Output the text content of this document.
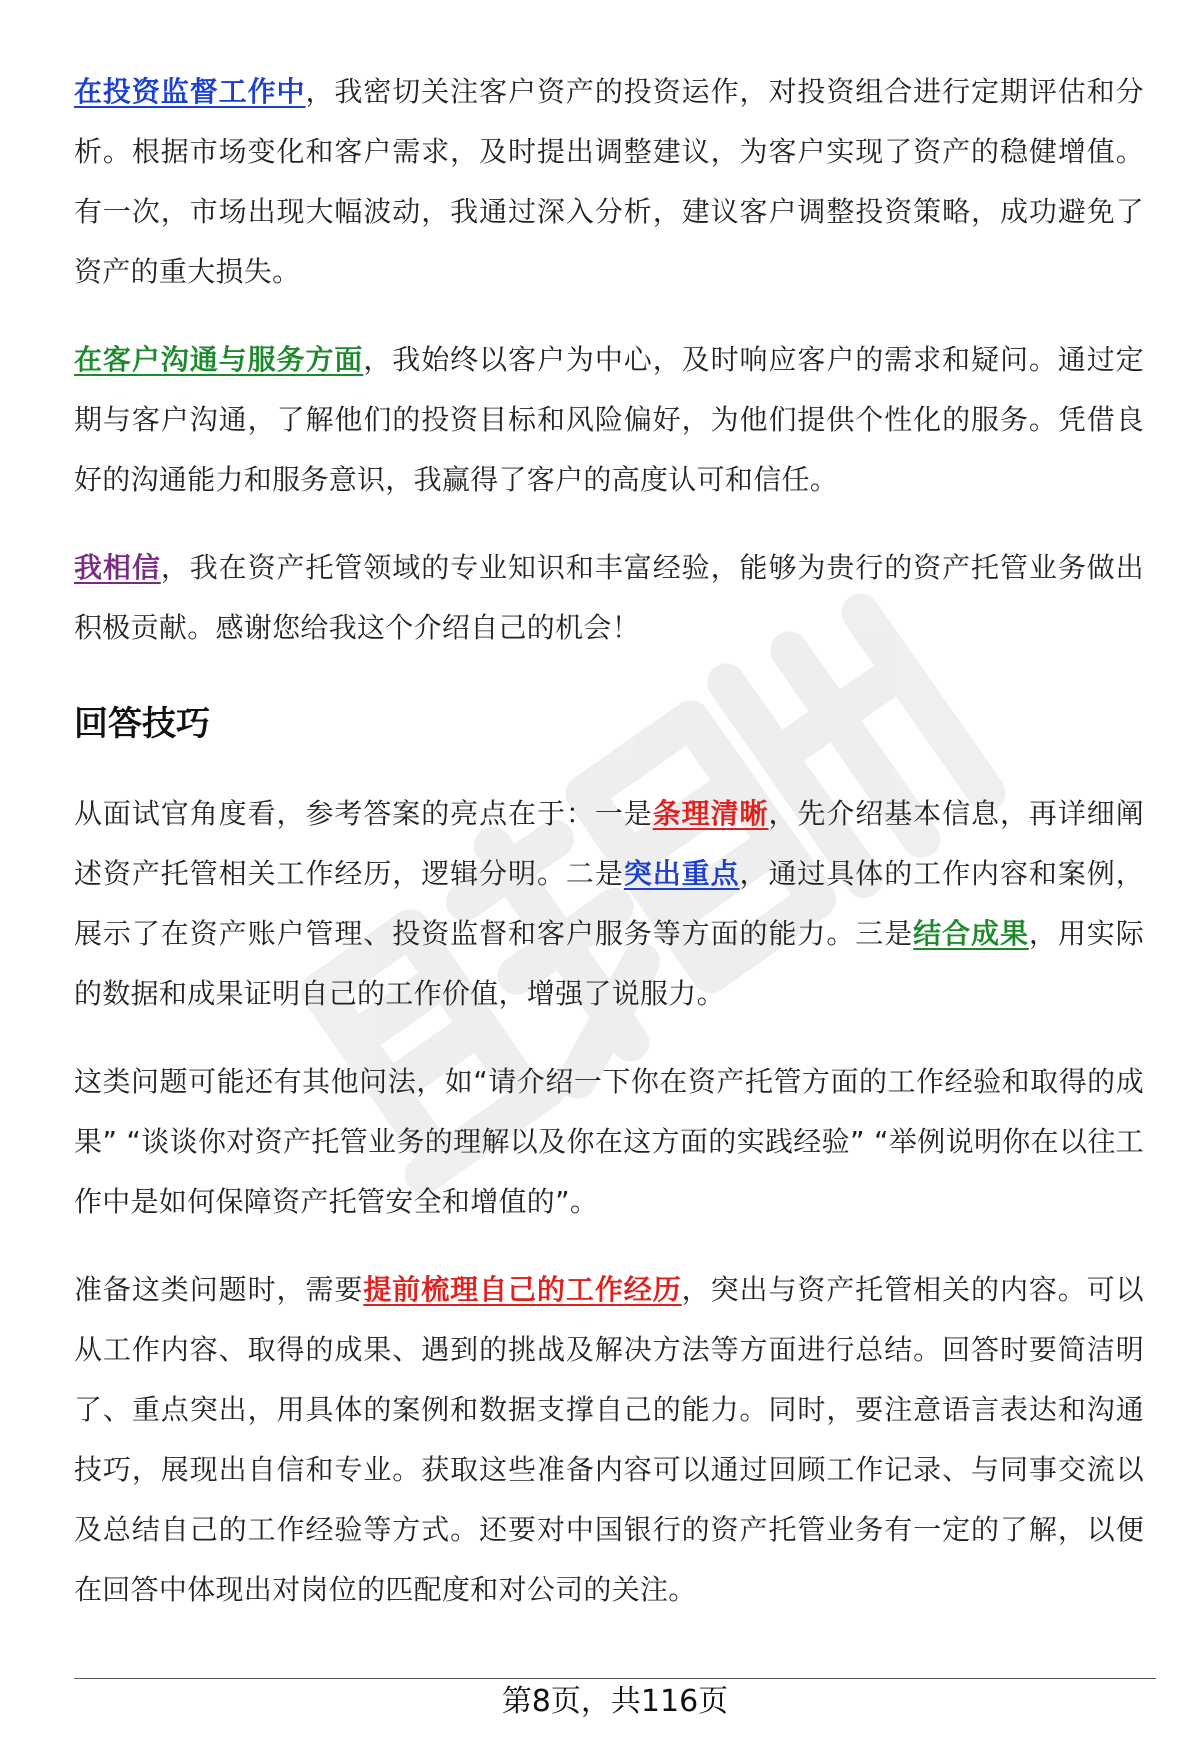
在投资监督工作中，我密切关注客户资产的投资运作，对投资组合进行定期评估和分析。根据市场变化和客户需求，及时提出调整建议，为客户实现了资产的稳健增值。有一次，市场出现大幅波动，我通过深入分析，建议客户调整投资策略，成功避免了资产的重大损失。

在客户沟通与服务方面，我始终以客户为中心，及时响应客户的需求和疑问。通过定期与客户沟通，了解他们的投资目标和风险偏好，为他们提供个性化的服务。凭借良好的沟通能力和服务意识，我赢得了客户的高度认可和信任。

我相信，我在资产托管领域的专业知识和丰富经验，能够为贵行的资产托管业务做出积极贡献。感谢您给我这个介绍自己的机会！

回答技巧

从面试官角度看，参考答案的亮点在于：一是条理清晰，先介绍基本信息，再详细阐述资产托管相关工作经历，逻辑分明。二是突出重点，通过具体的工作内容和案例，展示了在资产账户管理、投资监督和客户服务等方面的能力。三是结合成果，用实际的数据和成果证明自己的工作价值，增强了说服力。

这类问题可能还有其他问法，如“请介绍一下你在资产托管方面的工作经验和取得的成果” “谈谈你对资产托管业务的理解以及你在这方面的实践经验” “举例说明你在以往工作中是如何保障资产托管安全和增值的”。

准备这类问题时，需要提前梳理自己的工作经历，突出与资产托管相关的内容。可以从工作内容、取得的成果、遇到的挑战及解决方法等方面进行总结。回答时要简洁明了、重点突出，用具体的案例和数据支撑自己的能力。同时，要注意语言表达和沟通技巧，展现出自信和专业。获取这些准备内容可以通过回顾工作记录、与同事交流以及总结自己的工作经验等方式。还要对中国银行的资产托管业务有一定的了解，以便在回答中体现出对岗位的匹配度和对公司的关注。

第8页，共116页
